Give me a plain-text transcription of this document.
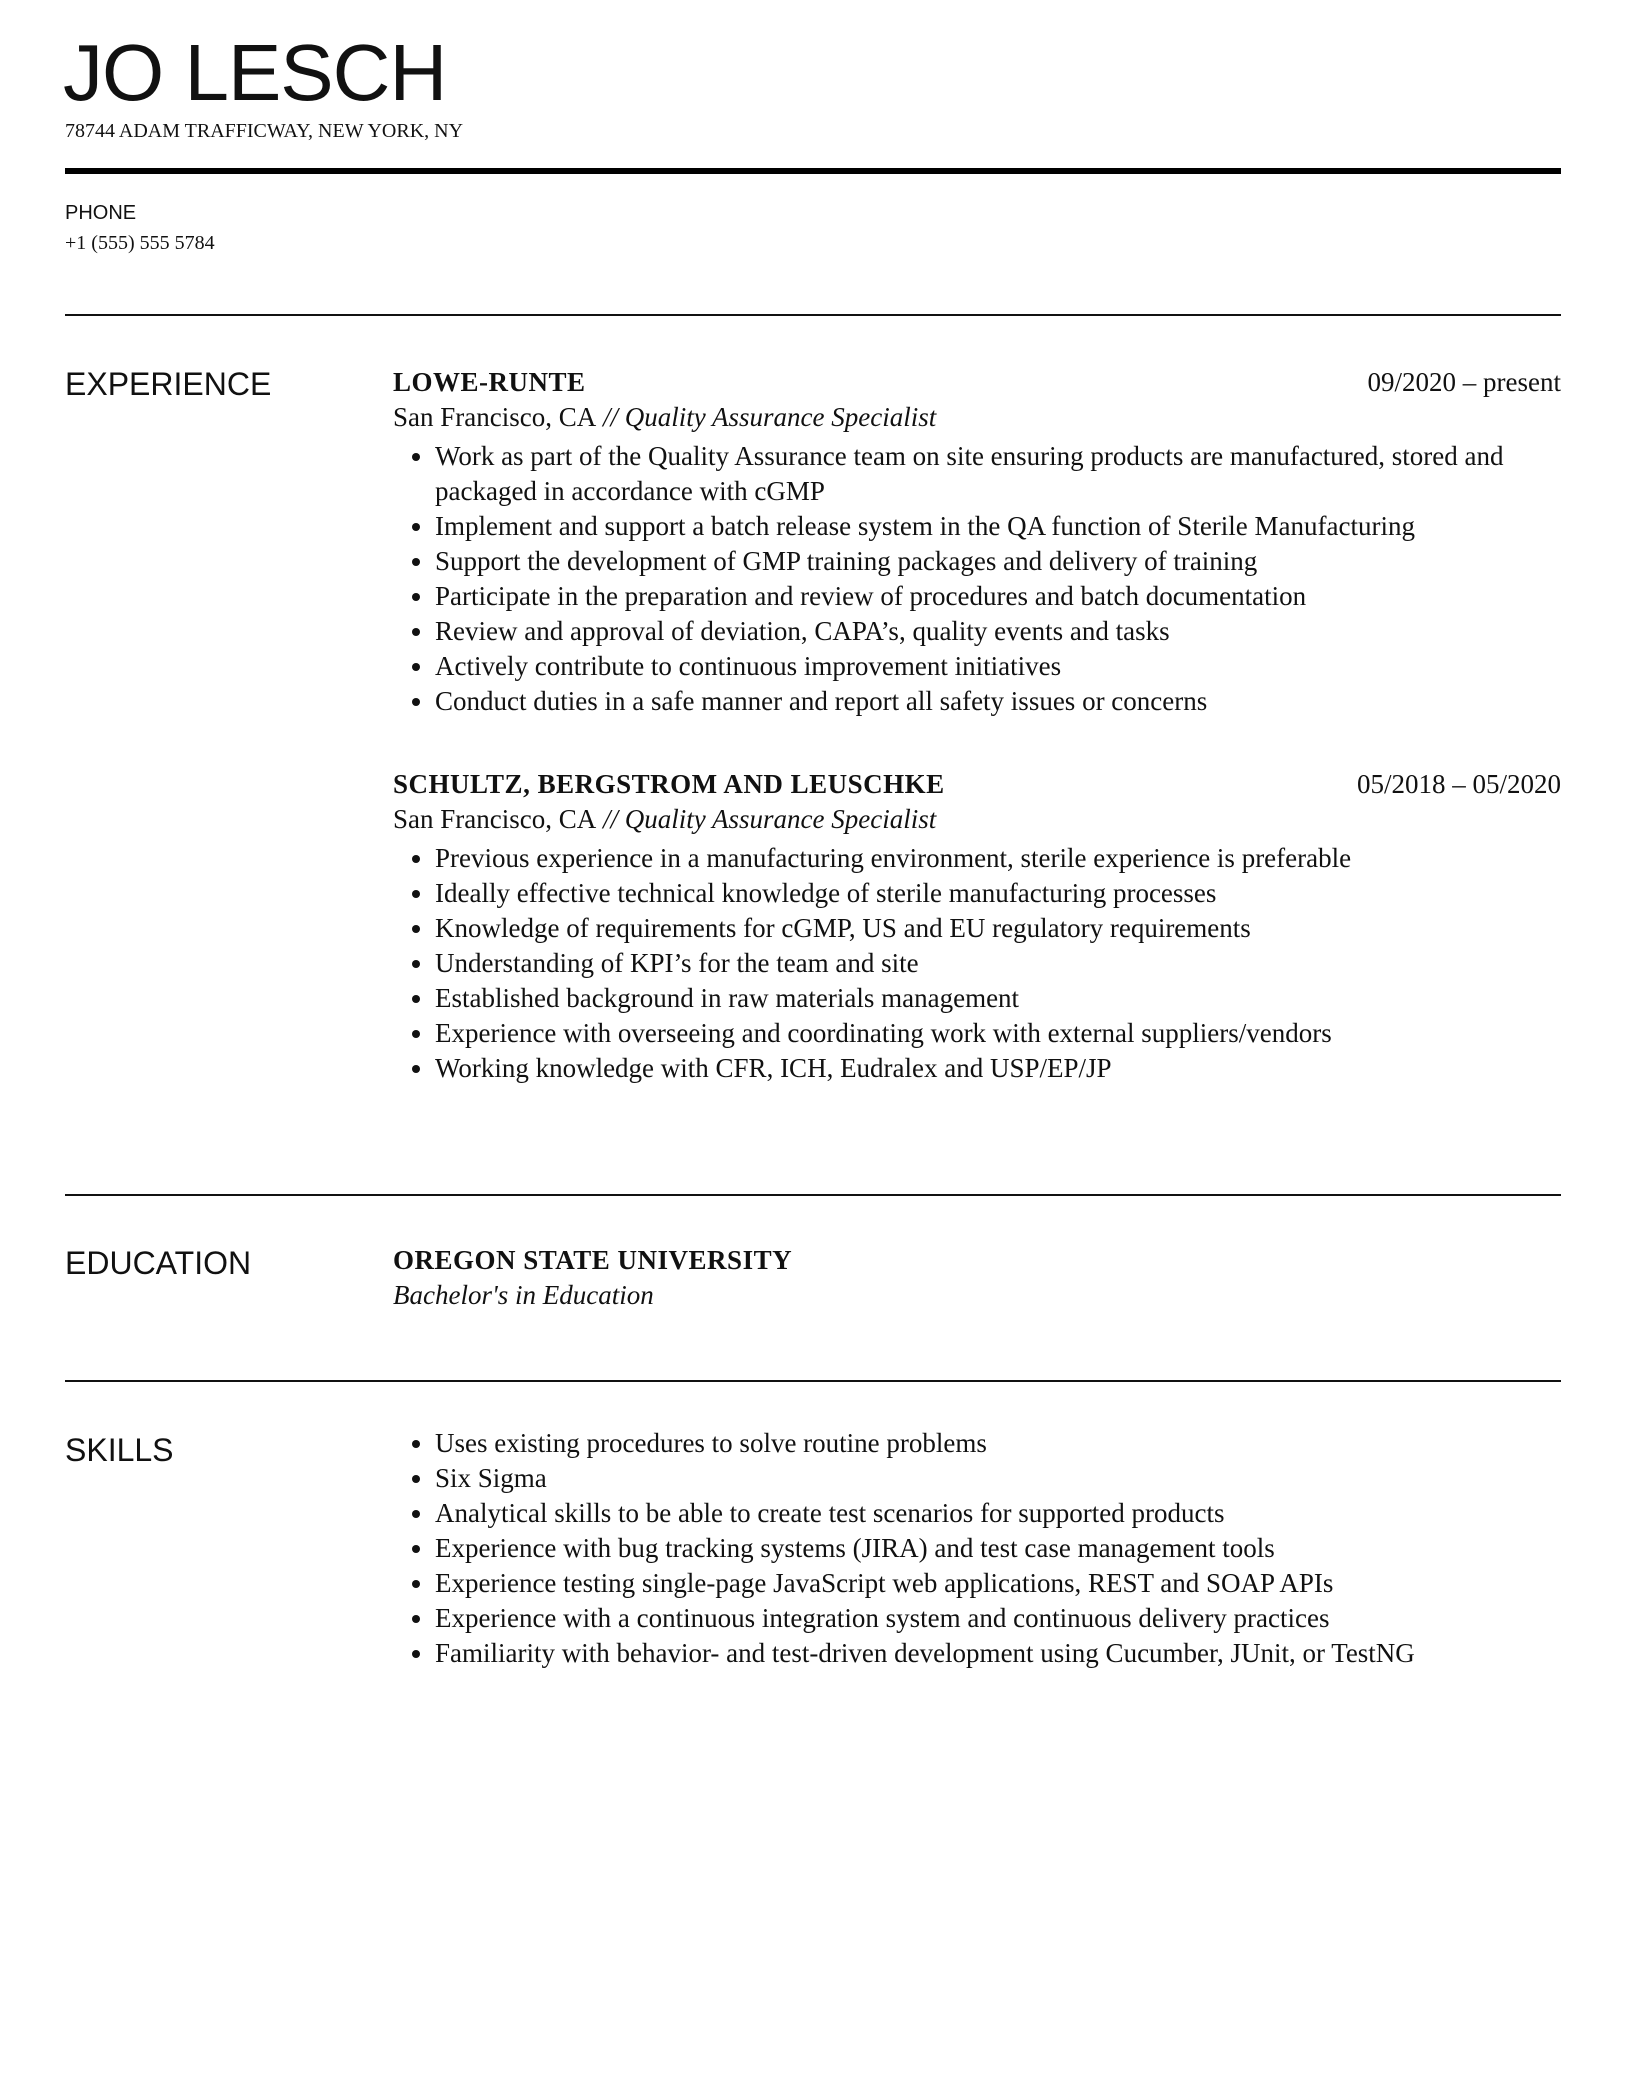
JO LESCH
78744 ADAM TRAFFICWAY, NEW YORK, NY
PHONE
+1 (555) 555 5784
EXPERIENCE	LOWE-RUNTE	09/2020 – present
San Francisco, CA // Quality Assurance Specialist
• Work as part of the Quality Assurance team on site ensuring products are manufactured, stored and packaged in accordance with cGMP
• Implement and support a batch release system in the QA function of Sterile Manufacturing
• Support the development of GMP training packages and delivery of training
• Participate in the preparation and review of procedures and batch documentation
• Review and approval of deviation, CAPA’s, quality events and tasks
• Actively contribute to continuous improvement initiatives
• Conduct duties in a safe manner and report all safety issues or concerns
SCHULTZ, BERGSTROM AND LEUSCHKE	05/2018 – 05/2020
San Francisco, CA // Quality Assurance Specialist
• Previous experience in a manufacturing environment, sterile experience is preferable
• Ideally effective technical knowledge of sterile manufacturing processes
• Knowledge of requirements for cGMP, US and EU regulatory requirements
• Understanding of KPI’s for the team and site
• Established background in raw materials management
• Experience with overseeing and coordinating work with external suppliers/vendors
• Working knowledge with CFR, ICH, Eudralex and USP/EP/JP
EDUCATION	OREGON STATE UNIVERSITY
Bachelor's in Education
SKILLS	• Uses existing procedures to solve routine problems
• Six Sigma
• Analytical skills to be able to create test scenarios for supported products
• Experience with bug tracking systems (JIRA) and test case management tools
• Experience testing single-page JavaScript web applications, REST and SOAP APIs
• Experience with a continuous integration system and continuous delivery practices
• Familiarity with behavior- and test-driven development using Cucumber, JUnit, or TestNG
